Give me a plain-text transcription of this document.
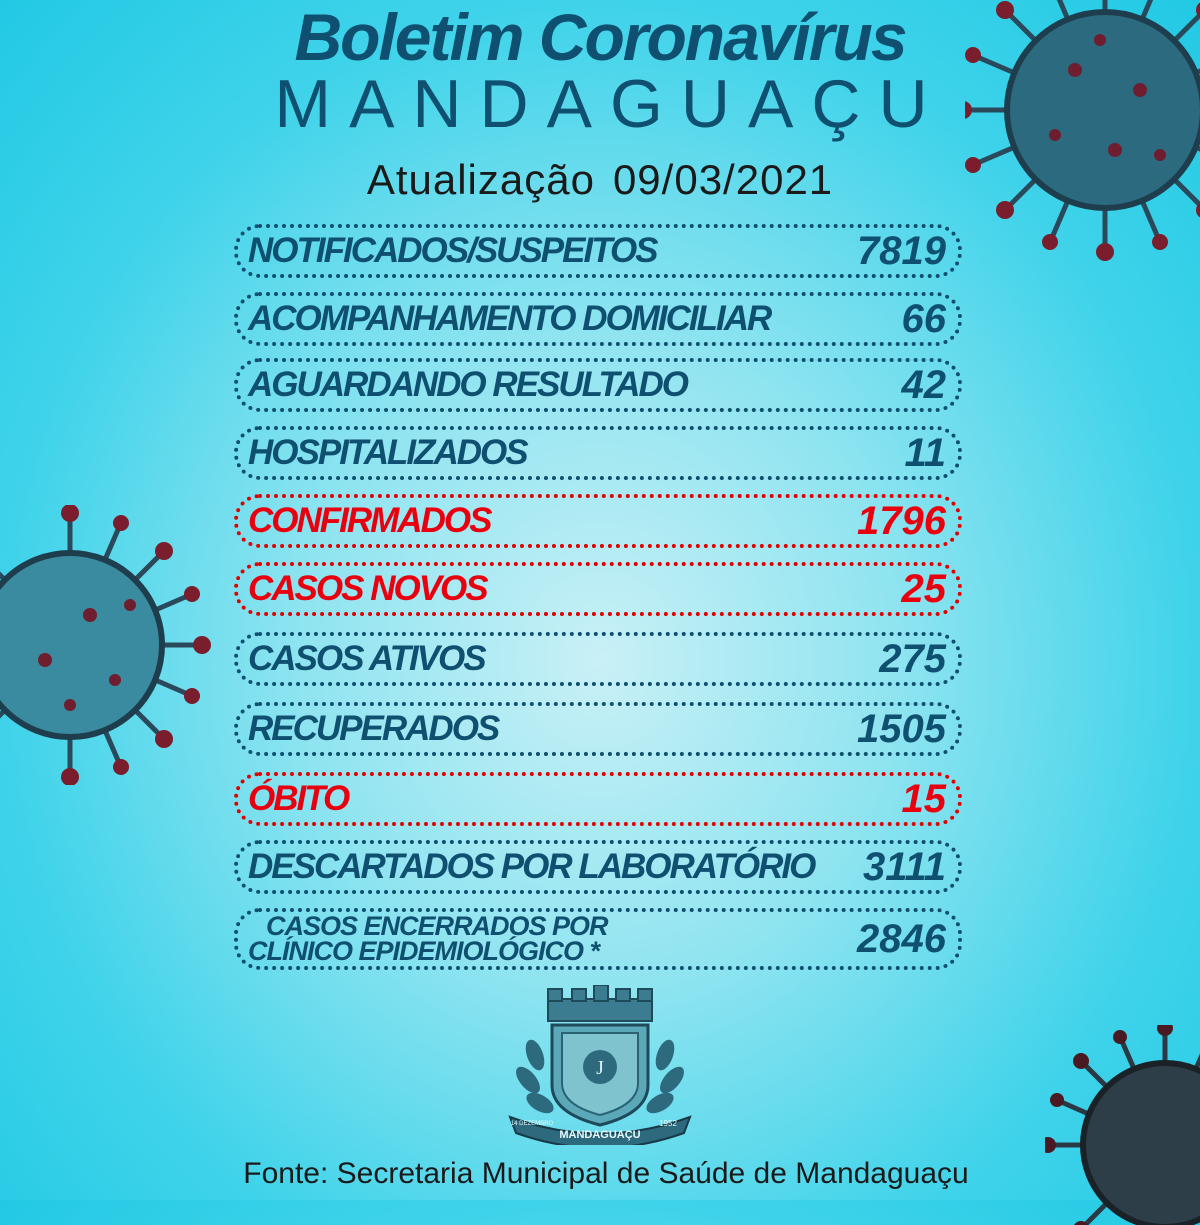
Boletim Coronavírus
MANDAGUAÇU
Atualização 09/03/2021
NOTIFICADOS/SUSPEITOS	7819
ACOMPANHAMENTO DOMICILIAR	66
AGUARDANDO RESULTADO	42
HOSPITALIZADOS	11
CONFIRMADOS	1796
CASOS NOVOS	25
CASOS ATIVOS	275
RECUPERADOS	1505
ÓBITO	15
DESCARTADOS POR LABORATÓRIO 3111
CASOS ENCERRADOS POR
CLÍNICO EPIDEMIOLÓGICO *	2846
J
MANDAGUAÇU
14 DEZEMBRO	1952
Fonte: Secretaria Municipal de Saúde de Mandaguaçu
